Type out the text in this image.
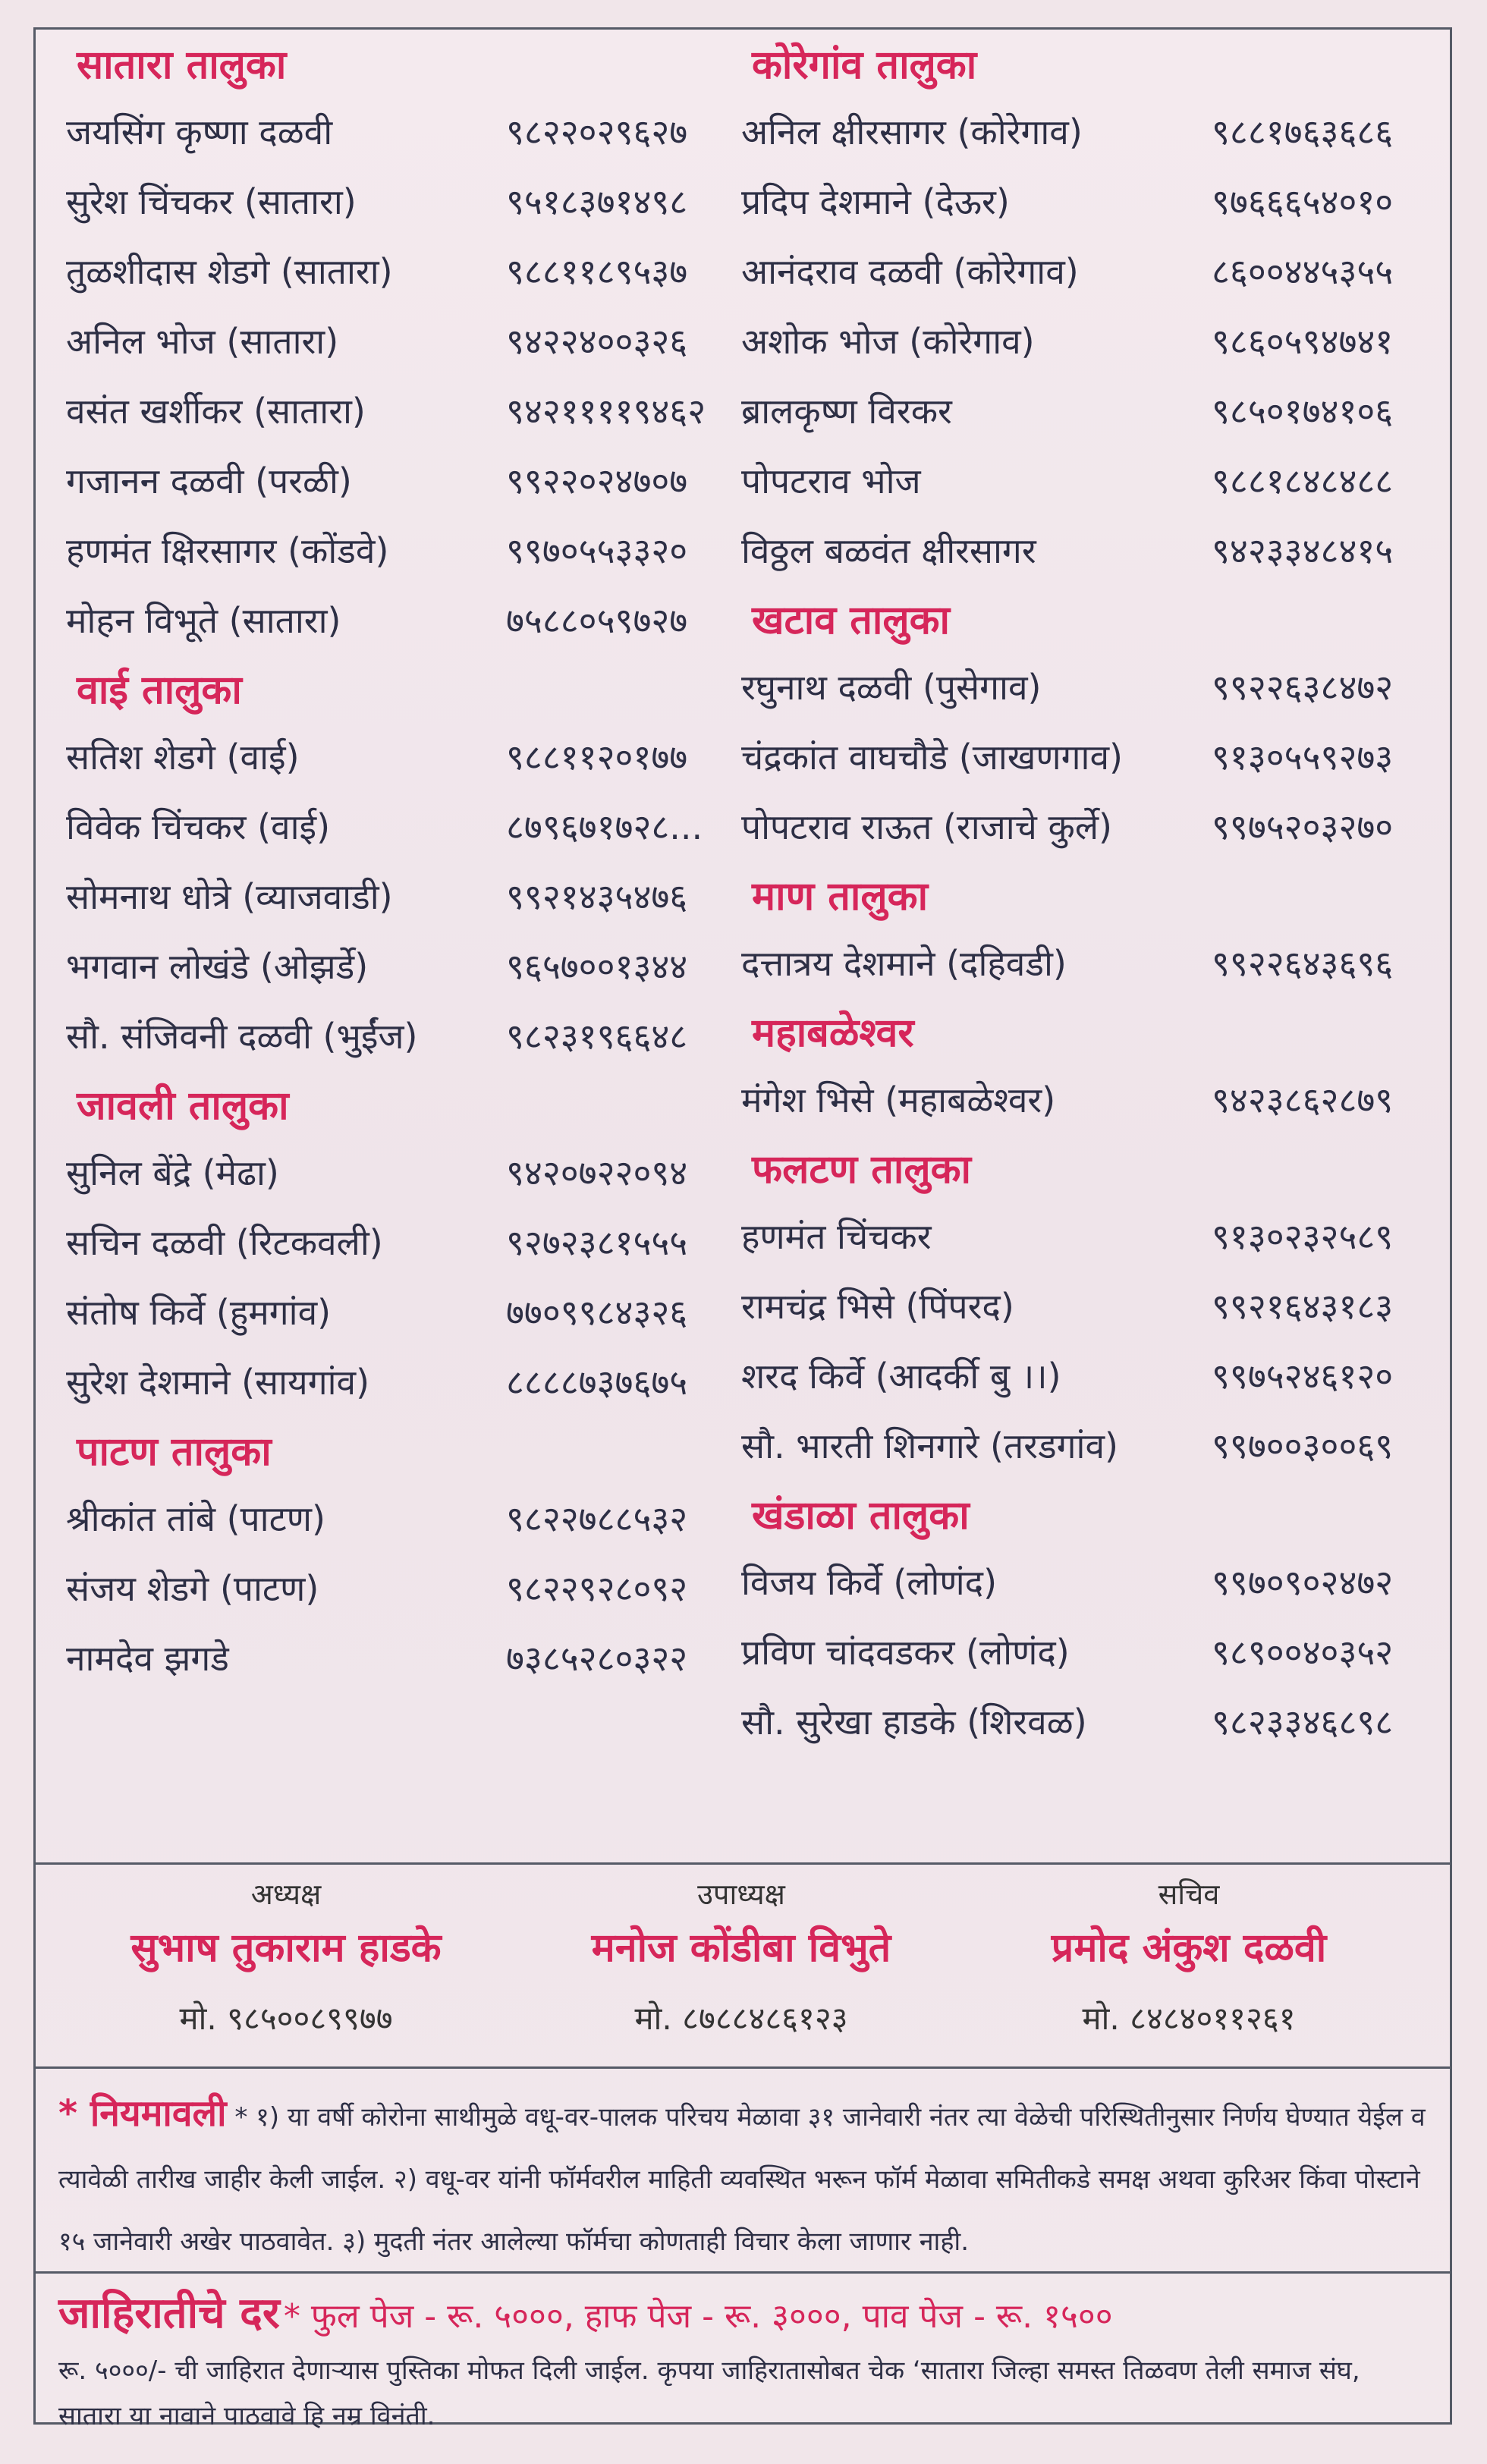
सातारा तालुका
जयसिंग कृष्णा दळवी	९८२२०२९६२७
सुरेश चिंचकर (सातारा)	९५१८३७१४९८
तुळशीदास शेडगे (सातारा)	९८८११८९५३७
अनिल भोज (सातारा)	९४२२४००३२६
वसंत खर्शीकर (सातारा)	९४२११११९४६२
गजानन दळवी (परळी)	९९२२०२४७०७
हणमंत क्षिरसागर (कोंडवे)	९९७०५५३३२०
मोहन विभूते (सातारा)	७५८८०५९७२७
वाई तालुका
सतिश शेडगे (वाई)	९८८११२०१७७
विवेक चिंचकर (वाई)	८७९६७१७२८...
सोमनाथ धोत्रे (व्याजवाडी)	९९२१४३५४७६
भगवान लोखंडे (ओझर्डे)	९६५७००१३४४
सौ. संजिवनी दळवी (भुईंज)	९८२३१९६६४८
जावली तालुका
सुनिल बेंद्रे (मेढा)	९४२०७२२०९४
सचिन दळवी (रिटकवली)	९२७२३८१५५५
संतोष किर्वे (हुमगांव)	७७०९९८४३२६
सुरेश देशमाने (सायगांव)	८८८८७३७६७५
पाटण तालुका
श्रीकांत तांबे (पाटण)	९८२२७८८५३२
संजय शेडगे (पाटण)	९८२२९२८०९२
नामदेव झगडे	७३८५२८०३२२
कोरेगांव तालुका
अनिल क्षीरसागर (कोरेगाव)	९८८१७६३६८६
प्रदिप देशमाने (देऊर)	९७६६६५४०१०
आनंदराव दळवी (कोरेगाव)	८६००४४५३५५
अशोक भोज (कोरेगाव)	९८६०५९४७४१
ब्रालकृष्ण विरकर	९८५०१७४१०६
पोपटराव भोज	९८८१८४८४८८
विठ्ठल बळवंत क्षीरसागर	९४२३३४८४१५
खटाव तालुका
रघुनाथ दळवी (पुसेगाव)	९९२२६३८४७२
चंद्रकांत वाघचौडे (जाखणगाव)	९१३०५५९२७३
पोपटराव राऊत (राजाचे कुर्ले)	९९७५२०३२७०
माण तालुका
दत्तात्रय देशमाने (दहिवडी)	९९२२६४३६९६
महाबळेश्वर
मंगेश भिसे (महाबळेश्वर)	९४२३८६२८७९
फलटण तालुका
हणमंत चिंचकर	९१३०२३२५८९
रामचंद्र भिसे (पिंपरद)	९९२१६४३१८३
शरद किर्वे (आदर्की बु ।।)	९९७५२४६१२०
सौ. भारती शिनगारे (तरडगांव)	९९७००३००६९
खंडाळा तालुका
विजय किर्वे (लोणंद)	९९७०९०२४७२
प्रविण चांदवडकर (लोणंद)	९८९००४०३५२
सौ. सुरेखा हाडके (शिरवळ)	९८२३३४६८९८
अध्यक्ष
सुभाष तुकाराम हाडके
मो. ९८५००८९९७७
उपाध्यक्ष
मनोज कोंडीबा विभुते
मो. ८७८८४८६१२३
सचिव
प्रमोद अंकुश दळवी
मो. ८४८४०११२६१
* नियमावली * १) या वर्षी कोरोना साथीमुळे वधू-वर-पालक परिचय मेळावा ३१ जानेवारी नंतर त्या वेळेची परिस्थितीनुसार निर्णय घेण्यात येईल व त्यावेळी तारीख जाहीर केली जाईल. २) वधू-वर यांनी फॉर्मवरील माहिती व्यवस्थित भरून फॉर्म मेळावा समितीकडे समक्ष अथवा कुरिअर किंवा पोस्टाने १५ जानेवारी अखेर पाठवावेत. ३) मुदती नंतर आलेल्या फॉर्मचा कोणताही विचार केला जाणार नाही.
जाहिरातीचे दर * फुल पेज - रू. ५०००, हाफ पेज - रू. ३०००, पाव पेज - रू. १५००
रू. ५०००/- ची जाहिरात देणाऱ्यास पुस्तिका मोफत दिली जाईल. कृपया जाहिरातासोबत चेक ‘सातारा जिल्हा समस्त तिळवण तेली समाज संघ, सातारा या नावाने पाठवावे हि नम्र विनंती.
